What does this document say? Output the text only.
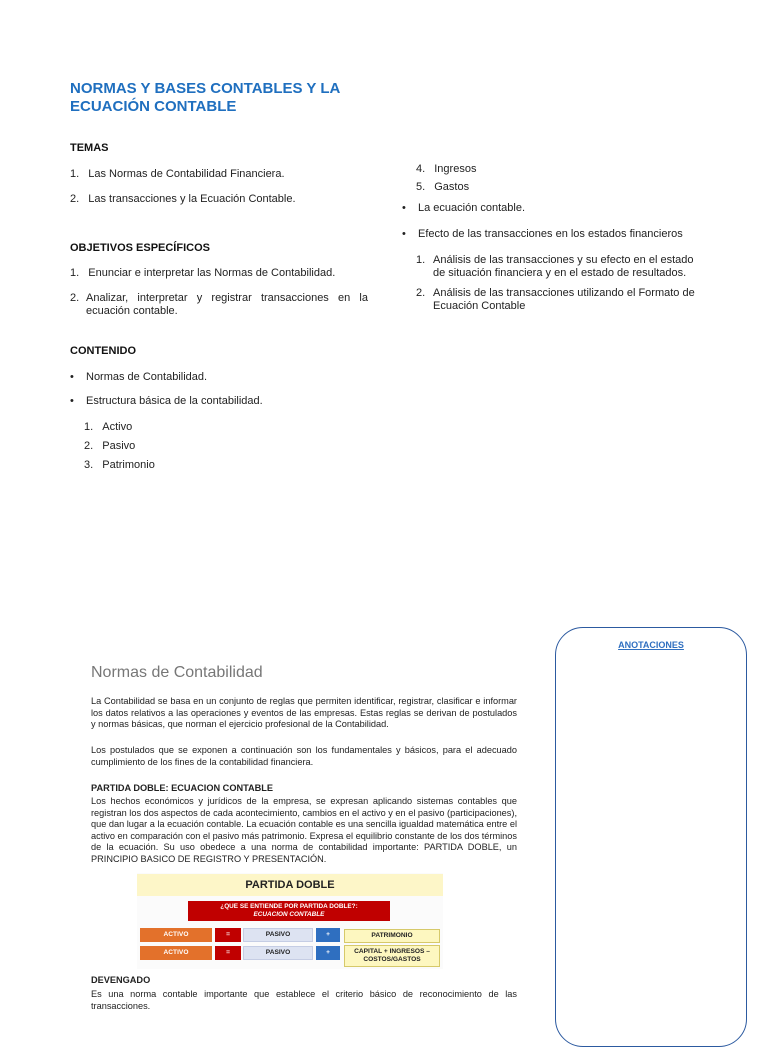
NORMAS Y BASES CONTABLES Y LA ECUACIÓN CONTABLE
TEMAS
1. Las Normas de Contabilidad Financiera.
2. Las transacciones y la Ecuación Contable.
OBJETIVOS ESPECÍFICOS
1. Enunciar e interpretar las Normas de Contabilidad.
2. Analizar, interpretar y registrar transacciones en la ecuación contable.
CONTENIDO
• Normas de Contabilidad.
• Estructura básica de la contabilidad.
1. Activo
2. Pasivo
3. Patrimonio
4. Ingresos
5. Gastos
• La ecuación contable.
• Efecto de las transacciones en los estados financieros
1. Análisis de las transacciones y su efecto en el estado de situación financiera y en el estado de resultados.
2. Análisis de las transacciones utilizando el Formato de Ecuación Contable
ANOTACIONES
Normas de Contabilidad
La Contabilidad se basa en un conjunto de reglas que permiten identificar, registrar, clasificar e informar los datos relativos a las operaciones y eventos de las empresas. Estas reglas se derivan de postulados y normas básicas, que norman el ejercicio profesional de la Contabilidad.
Los postulados que se exponen a continuación son los fundamentales y básicos, para el adecuado cumplimiento de los fines de la contabilidad financiera.
PARTIDA DOBLE: ECUACION CONTABLE
Los hechos económicos y jurídicos de la empresa, se expresan aplicando sistemas contables que registran los dos aspectos de cada acontecimiento, cambios en el activo y en el pasivo (participaciones), que dan lugar a la ecuación contable. La ecuación contable es una sencilla igualdad matemática entre el activo en comparación con el pasivo más patrimonio. Expresa el equilibrio constante de los dos términos de la ecuación. Su uso obedece a una norma de contabilidad importante: PARTIDA DOBLE, un PRINCIPIO BASICO DE REGISTRO Y PRESENTACIÓN.
PARTIDA DOBLE
¿QUE SE ENTIENDE POR PARTIDA DOBLE?:
ECUACION CONTABLE
ACTIVO	=	PASIVO	+	PATRIMONIO
ACTIVO	=	PASIVO	+	CAPITAL + INGRESOS – COSTOS/GASTOS
DEVENGADO
Es una norma contable importante que establece el criterio básico de reconocimiento de las transacciones.
